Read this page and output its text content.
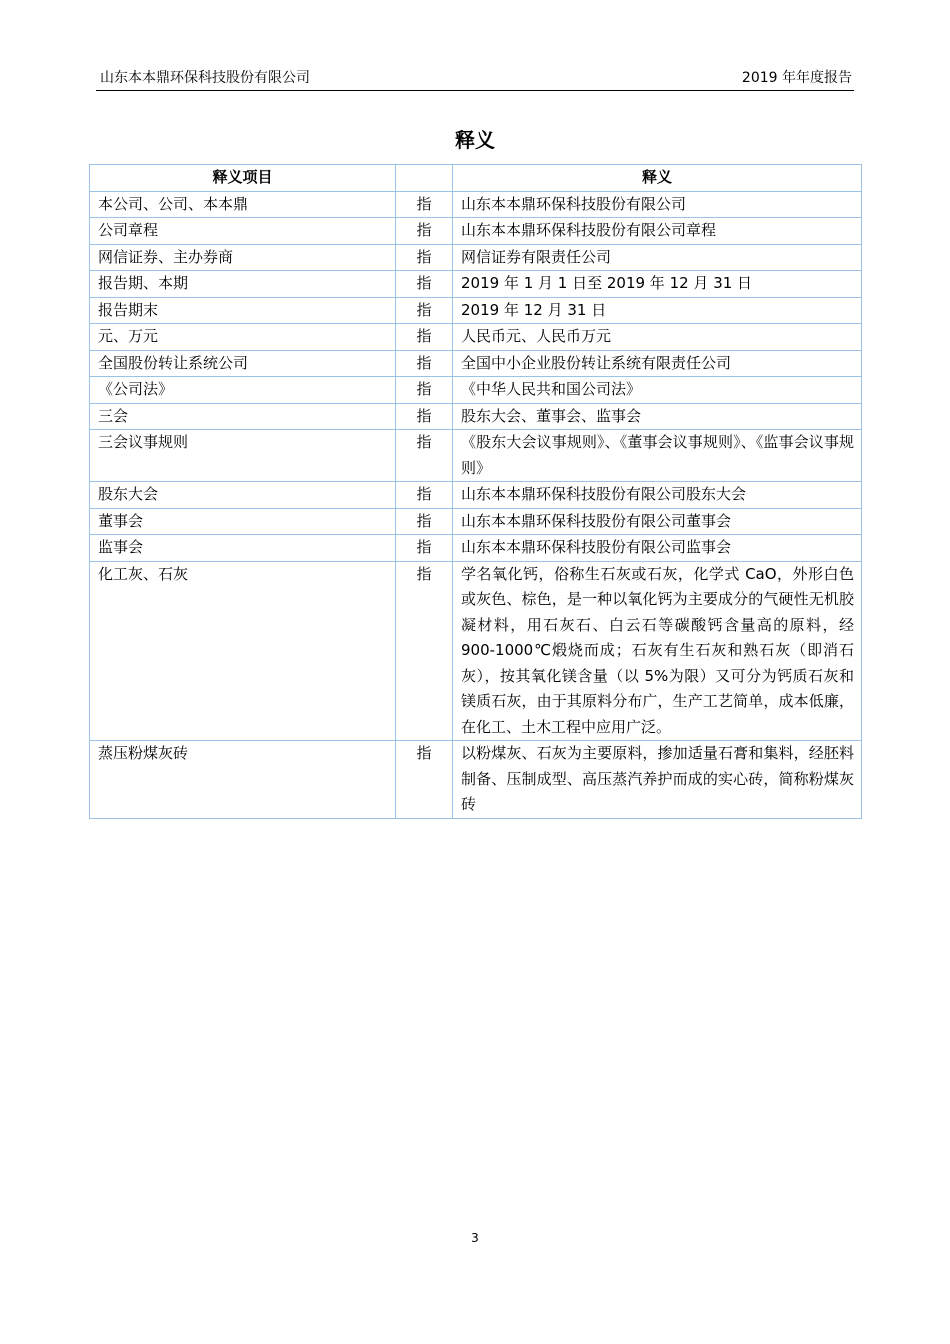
山东本本鼎环保科技股份有限公司	2019 年年度报告
释义
释义项目		释义
本公司、公司、本本鼎	指	山东本本鼎环保科技股份有限公司
公司章程	指	山东本本鼎环保科技股份有限公司章程
网信证券、主办券商	指	网信证券有限责任公司
报告期、本期	指	2019 年 1 月 1 日至 2019 年 12 月 31 日
报告期末	指	2019 年 12 月 31 日
元、万元	指	人民币元、人民币万元
全国股份转让系统公司	指	全国中小企业股份转让系统有限责任公司
《公司法》	指	《中华人民共和国公司法》
三会	指	股东大会、董事会、监事会
三会议事规则	指	《股东大会议事规则》、《董事会议事规则》、《监事会议事规则》
股东大会	指	山东本本鼎环保科技股份有限公司股东大会
董事会	指	山东本本鼎环保科技股份有限公司董事会
监事会	指	山东本本鼎环保科技股份有限公司监事会
化工灰、石灰	指	学名氧化钙，俗称生石灰或石灰，化学式 CaO，外形白色或灰色、棕色，是一种以氧化钙为主要成分的气硬性无机胶凝材料，用石灰石、白云石等碳酸钙含量高的原料，经 900-1000℃煅烧而成；石灰有生石灰和熟石灰（即消石灰），按其氧化镁含量（以 5%为限）又可分为钙质石灰和镁质石灰，由于其原料分布广，生产工艺简单，成本低廉，在化工、土木工程中应用广泛。
蒸压粉煤灰砖	指	以粉煤灰、石灰为主要原料，掺加适量石膏和集料，经胚料制备、压制成型、高压蒸汽养护而成的实心砖，简称粉煤灰砖
3
